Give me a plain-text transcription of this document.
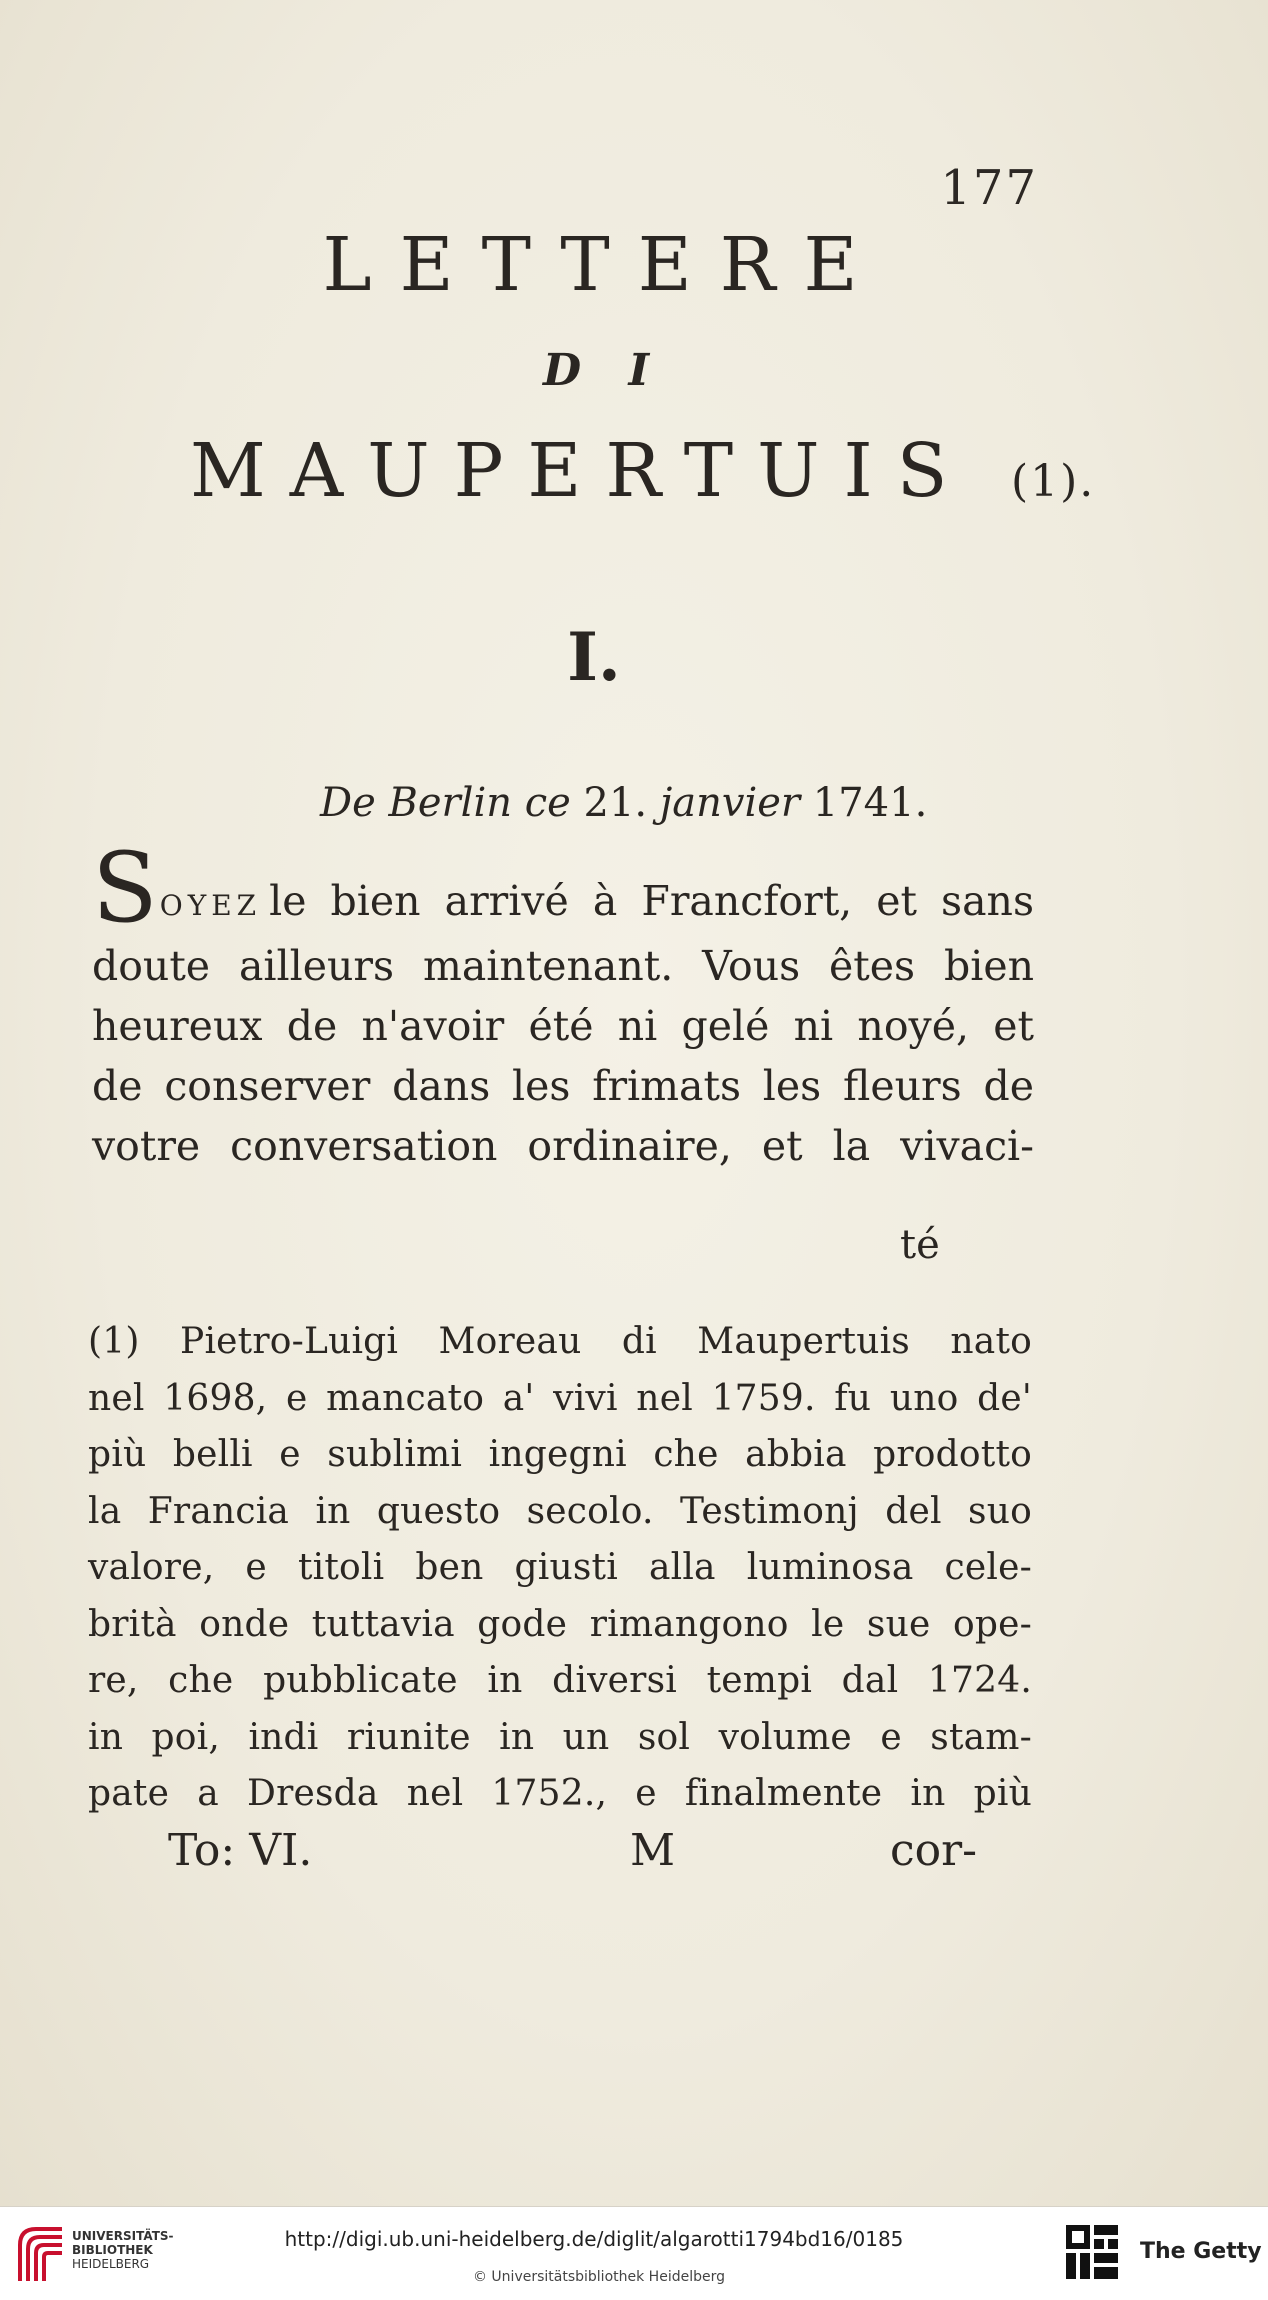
177
LETTERE
D I
MAUPERTUIS (1).
I.
De Berlin ce 21. janvier 1741.
SOYEZ le bien arrivé à Francfort, et sans
doute ailleurs maintenant. Vous êtes bien
heureux de n'avoir été ni gelé ni noyé, et
de conserver dans les frimats les fleurs de
votre conversation ordinaire, et la vivaci-
té
(1) Pietro-Luigi Moreau di Maupertuis nato
nel 1698, e mancato a' vivi nel 1759. fu uno de'
più belli e sublimi ingegni che abbia prodotto
la Francia in questo secolo. Testimonj del suo
valore, e titoli ben giusti alla luminosa cele-
brità onde tuttavia gode rimangono le sue ope-
re, che pubblicate in diversi tempi dal 1724.
in poi, indi riunite in un sol volume e stam-
pate a Dresda nel 1752., e finalmente in più
To: VI.	M	cor-
UNIVERSITÄTS-
BIBLIOTHEK
HEIDELBERG
http://digi.ub.uni-heidelberg.de/diglit/algarotti1794bd16/0185
© Universitätsbibliothek Heidelberg
The Getty
